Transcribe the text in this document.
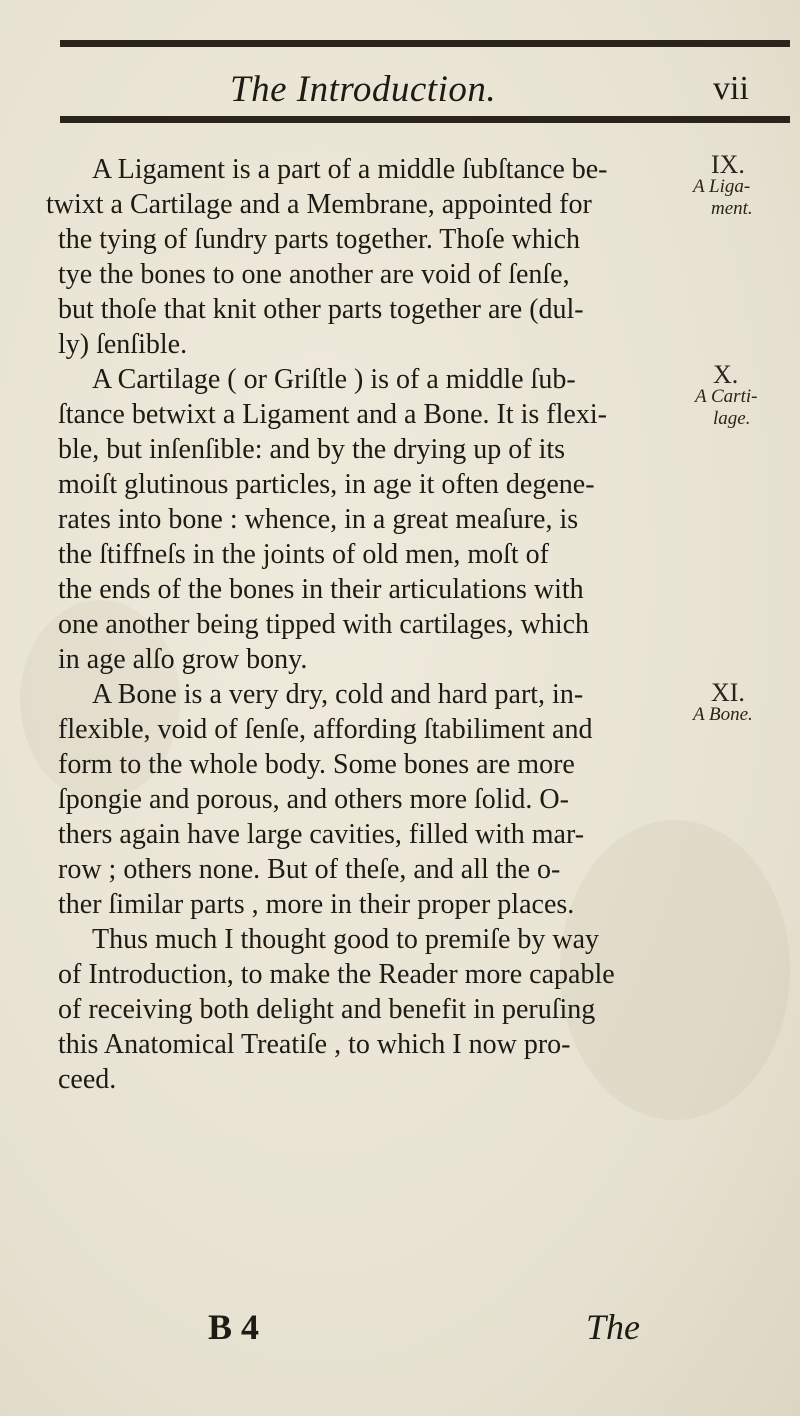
The Introduction.	vii
A Ligament is a part of a middle ſubſtance be-
twixt a Cartilage and a Membrane, appointed for
the tying of ſundry parts together. Thoſe which
tye the bones to one another are void of ſenſe,
but thoſe that knit other parts together are (dul-
ly) ſenſible.
A Cartilage ( or Griſtle ) is of a middle ſub-
ſtance betwixt a Ligament and a Bone. It is flexi-
ble, but inſenſible: and by the drying up of its
moiſt glutinous particles, in age it often degene-
rates into bone : whence, in a great meaſure, is
the ſtiffneſs in the joints of old men, moſt of
the ends of the bones in their articulations with
one another being tipped with cartilages, which
in age alſo grow bony.
A Bone is a very dry, cold and hard part, in-
flexible, void of ſenſe, affording ſtabiliment and
form to the whole body. Some bones are more
ſpongie and porous, and others more ſolid. O-
thers again have large cavities, filled with mar-
row ; others none. But of theſe, and all the o-
ther ſimilar parts , more in their proper places.
Thus much I thought good to premiſe by way
of Introduction, to make the Reader more capable
of receiving both delight and benefit in peruſing
this Anatomical Treatiſe , to which I now pro-
ceed.
IX.
A Liga-
ment.
X.
A Carti-
lage.
XI.
A Bone.
B 4	The
